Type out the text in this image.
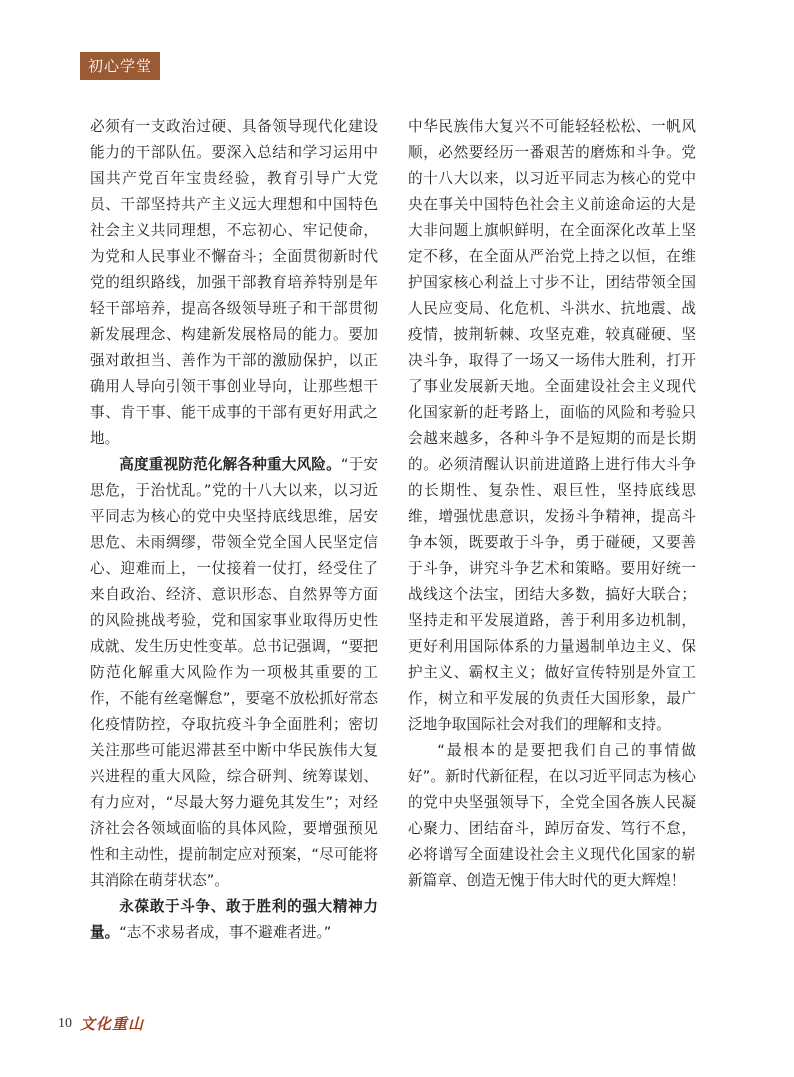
初心学堂

必须有一支政治过硬、具备领导现代化建设能力的干部队伍。要深入总结和学习运用中国共产党百年宝贵经验，教育引导广大党员、干部坚持共产主义远大理想和中国特色社会主义共同理想，不忘初心、牢记使命，为党和人民事业不懈奋斗；全面贯彻新时代党的组织路线，加强干部教育培养特别是年轻干部培养，提高各级领导班子和干部贯彻新发展理念、构建新发展格局的能力。要加强对敢担当、善作为干部的激励保护，以正确用人导向引领干事创业导向，让那些想干事、肯干事、能干成事的干部有更好用武之地。

高度重视防范化解各种重大风险。“于安思危，于治忧乱。”党的十八大以来，以习近平同志为核心的党中央坚持底线思维，居安思危、未雨绸缪，带领全党全国人民坚定信心、迎难而上，一仗接着一仗打，经受住了来自政治、经济、意识形态、自然界等方面的风险挑战考验，党和国家事业取得历史性成就、发生历史性变革。总书记强调，“要把防范化解重大风险作为一项极其重要的工作，不能有丝毫懈怠”，要毫不放松抓好常态化疫情防控，夺取抗疫斗争全面胜利；密切关注那些可能迟滞甚至中断中华民族伟大复兴进程的重大风险，综合研判、统筹谋划、有力应对，“尽最大努力避免其发生”；对经济社会各领域面临的具体风险，要增强预见性和主动性，提前制定应对预案，“尽可能将其消除在萌芽状态”。

永葆敢于斗争、敢于胜利的强大精神力量。“志不求易者成，事不避难者进。”

中华民族伟大复兴不可能轻轻松松、一帆风顺，必然要经历一番艰苦的磨炼和斗争。党的十八大以来，以习近平同志为核心的党中央在事关中国特色社会主义前途命运的大是大非问题上旗帜鲜明，在全面深化改革上坚定不移，在全面从严治党上持之以恒，在维护国家核心利益上寸步不让，团结带领全国人民应变局、化危机、斗洪水、抗地震、战疫情，披荆斩棘、攻坚克难，较真碰硬、坚决斗争，取得了一场又一场伟大胜利，打开了事业发展新天地。全面建设社会主义现代化国家新的赶考路上，面临的风险和考验只会越来越多，各种斗争不是短期的而是长期的。必须清醒认识前进道路上进行伟大斗争的长期性、复杂性、艰巨性，坚持底线思维，增强忧患意识，发扬斗争精神，提高斗争本领，既要敢于斗争，勇于碰硬，又要善于斗争，讲究斗争艺术和策略。要用好统一战线这个法宝，团结大多数，搞好大联合；坚持走和平发展道路，善于利用多边机制，更好利用国际体系的力量遏制单边主义、保护主义、霸权主义；做好宣传特别是外宣工作，树立和平发展的负责任大国形象，最广泛地争取国际社会对我们的理解和支持。

“最根本的是要把我们自己的事情做好”。新时代新征程，在以习近平同志为核心的党中央坚强领导下，全党全国各族人民凝心聚力、团结奋斗，踔厉奋发、笃行不怠，必将谱写全面建设社会主义现代化国家的崭新篇章、创造无愧于伟大时代的更大辉煌！

10 文化重山
